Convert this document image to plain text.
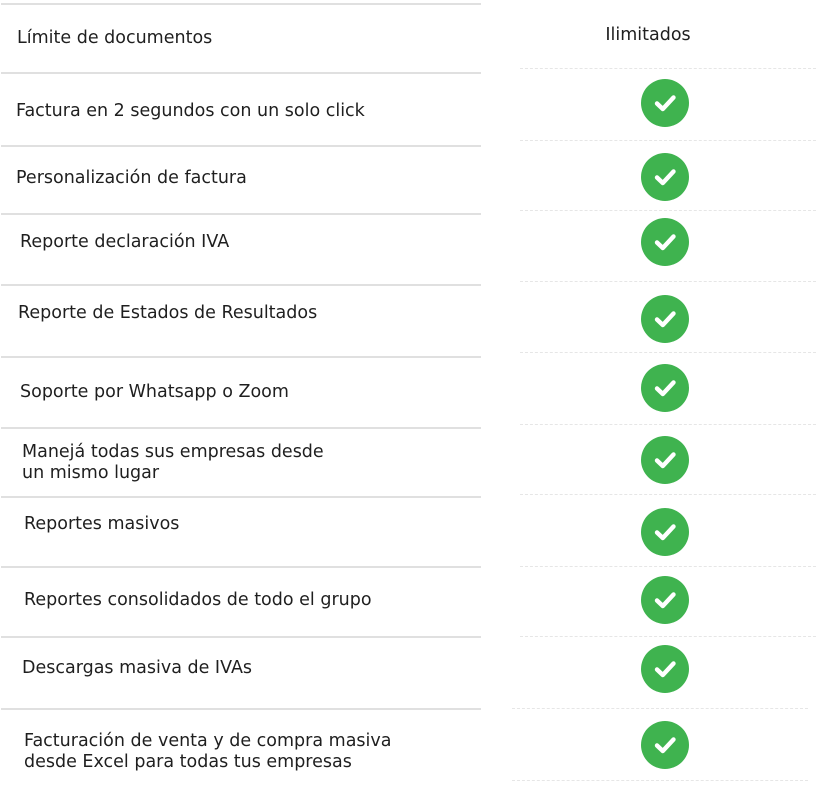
Límite de documentos	Ilimitados
Factura en 2 segundos con un solo click
Personalización de factura
Reporte declaración IVA
Reporte de Estados de Resultados
Soporte por Whatsapp o Zoom
Manejá todas sus empresas desde
un mismo lugar
Reportes masivos
Reportes consolidados de todo el grupo
Descargas masiva de IVAs
Facturación de venta y de compra masiva
desde Excel para todas tus empresas
